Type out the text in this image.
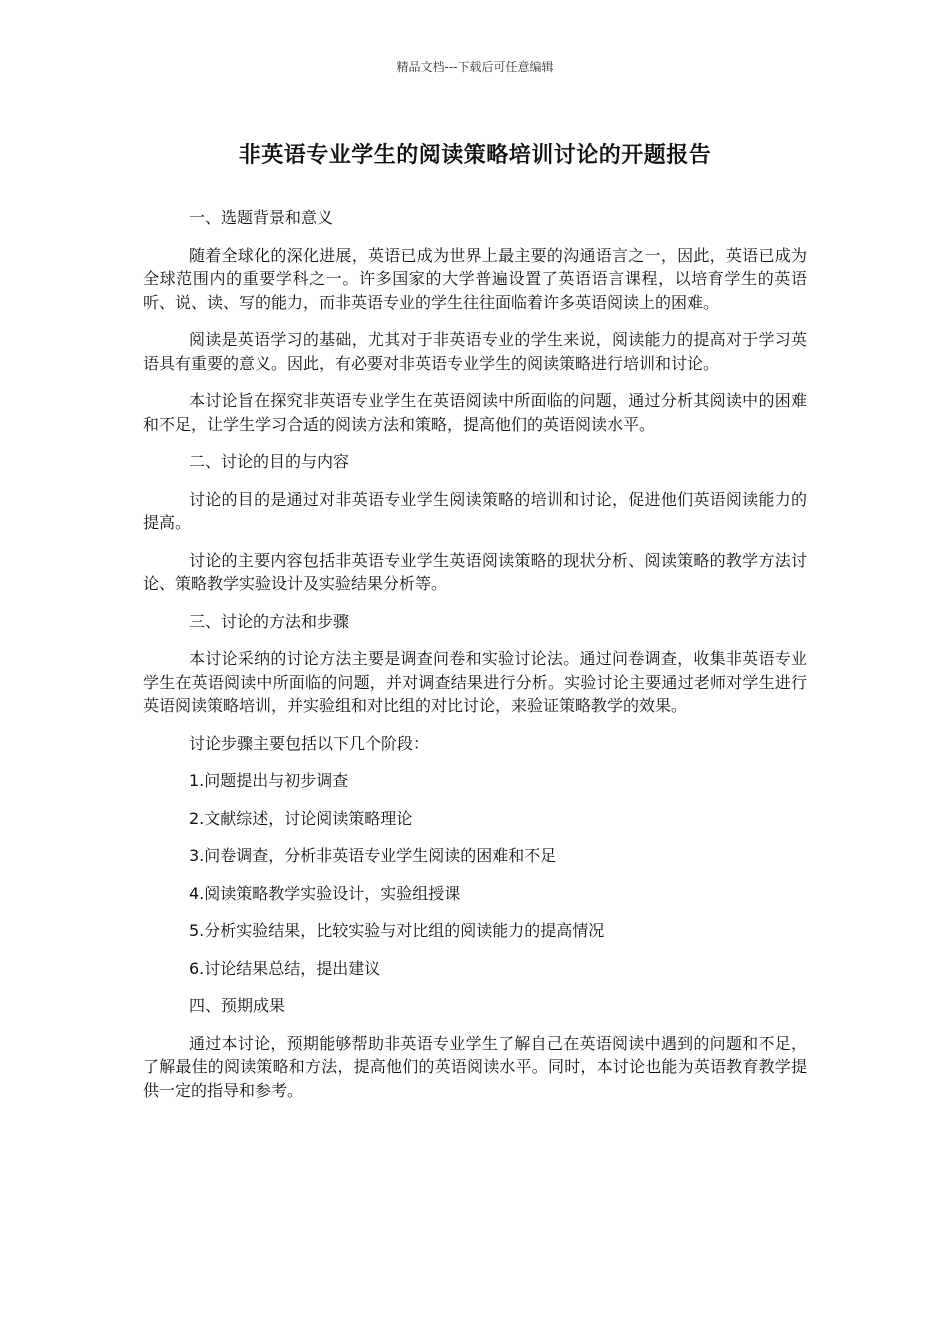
精品文档---下载后可任意编辑
非英语专业学生的阅读策略培训讨论的开题报告

一、选题背景和意义

随着全球化的深化进展，英语已成为世界上最主要的沟通语言之一，因此，英语已成为全球范围内的重要学科之一。许多国家的大学普遍设置了英语语言课程，以培育学生的英语听、说、读、写的能力，而非英语专业的学生往往面临着许多英语阅读上的困难。

阅读是英语学习的基础，尤其对于非英语专业的学生来说，阅读能力的提高对于学习英语具有重要的意义。因此，有必要对非英语专业学生的阅读策略进行培训和讨论。

本讨论旨在探究非英语专业学生在英语阅读中所面临的问题，通过分析其阅读中的困难和不足，让学生学习合适的阅读方法和策略，提高他们的英语阅读水平。

二、讨论的目的与内容

讨论的目的是通过对非英语专业学生阅读策略的培训和讨论，促进他们英语阅读能力的提高。

讨论的主要内容包括非英语专业学生英语阅读策略的现状分析、阅读策略的教学方法讨论、策略教学实验设计及实验结果分析等。

三、讨论的方法和步骤

本讨论采纳的讨论方法主要是调查问卷和实验讨论法。通过问卷调查，收集非英语专业学生在英语阅读中所面临的问题，并对调查结果进行分析。实验讨论主要通过老师对学生进行英语阅读策略培训，并实验组和对比组的对比讨论，来验证策略教学的效果。

讨论步骤主要包括以下几个阶段：

1.问题提出与初步调查

2.文献综述，讨论阅读策略理论

3.问卷调查，分析非英语专业学生阅读的困难和不足

4.阅读策略教学实验设计，实验组授课

5.分析实验结果，比较实验与对比组的阅读能力的提高情况

6.讨论结果总结，提出建议

四、预期成果

通过本讨论，预期能够帮助非英语专业学生了解自己在英语阅读中遇到的问题和不足，了解最佳的阅读策略和方法，提高他们的英语阅读水平。同时，本讨论也能为英语教育教学提供一定的指导和参考。
